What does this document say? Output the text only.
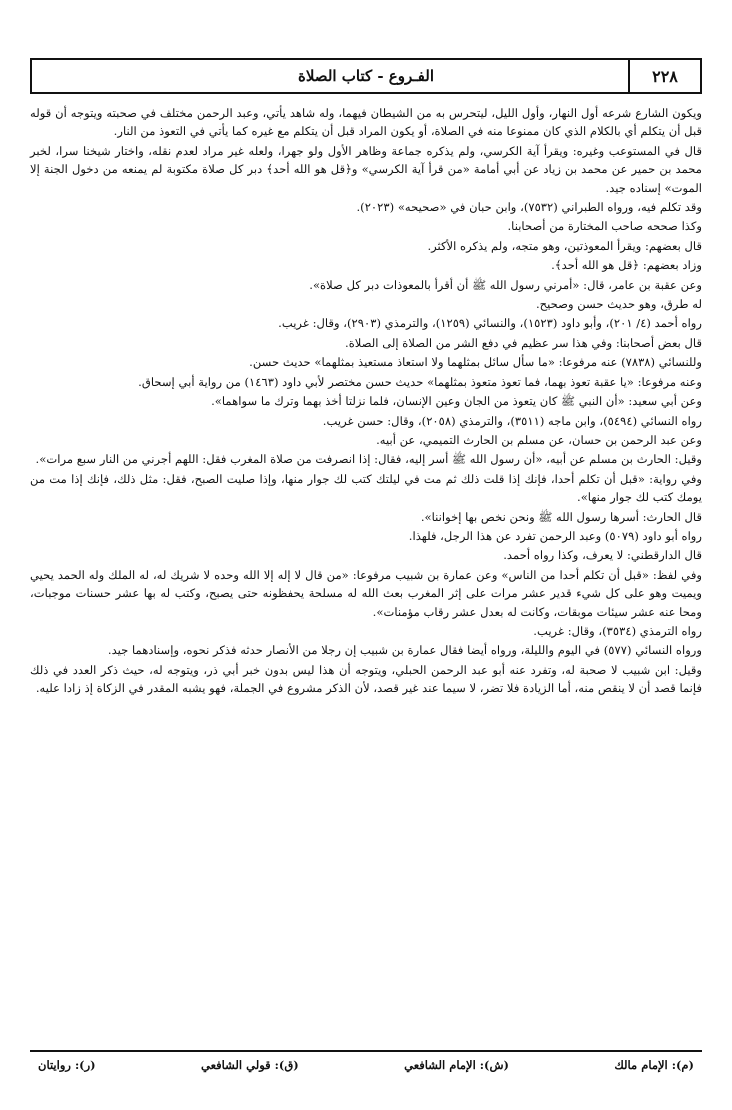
٢٢٨
الفـروع - كتاب الصلاة

ويكون الشارع شرعه أول النهار، وأول الليل، ليتحرس به من الشيطان فيهما، وله شاهد يأتي، وعبد الرحمن مختلف في صحبته ويتوجه أن قوله قبل أن يتكلم أي بالكلام الذي كان ممنوعا منه في الصلاة، أو يكون المراد قبل أن يتكلم مع غيره كما يأتي في التعوذ من النار.

قال في المستوعب وغيره: ويقرأ آية الكرسي، ولم يذكره جماعة وظاهر الأول ولو جهرا، ولعله غير مراد لعدم نقله، واختار شيخنا سرا، لخبر محمد بن حمير عن محمد بن زياد عن أبي أمامة «من قرأ آية الكرسي» و﴿قل هو الله أحد﴾ دبر كل صلاة مكتوبة لم يمنعه من دخول الجنة إلا الموت» إسناده جيد.

وقد تكلم فيه، ورواه الطبراني (٧٥٣٢)، وابن حبان في «صحيحه» (٢٠٢٣).

وكذا صححه صاحب المختارة من أصحابنا.

قال بعضهم: ويقرأ المعوذتين، وهو متجه، ولم يذكره الأكثر.

وزاد بعضهم: ﴿قل هو الله أحد﴾.

وعن عقبة بن عامر، قال: «أمرني رسول الله ﷺ أن أقرأ بالمعوذات دبر كل صلاة».

له طرق، وهو حديث حسن وصحيح.

رواه أحمد (٤/ ٢٠١)، وأبو داود (١٥٢٣)، والنسائي (١٢٥٩)، والترمذي (٢٩٠٣)، وقال: غريب.

قال بعض أصحابنا: وفي هذا سر عظيم في دفع الشر من الصلاة إلى الصلاة.

وللنسائي (٧٨٣٨) عنه مرفوعا: «ما سأل سائل بمثلهما ولا استعاذ مستعيذ بمثلهما» حديث حسن.

وعنه مرفوعا: «يا عقبة تعوذ بهما، فما تعوذ متعوذ بمثلهما» حديث حسن مختصر لأبي داود (١٤٦٣) من رواية أبي إسحاق.

وعن أبي سعيد: «أن النبي ﷺ كان يتعوذ من الجان وعين الإنسان، فلما نزلتا أخذ بهما وترك ما سواهما».

رواه النسائي (٥٤٩٤)، وابن ماجه (٣٥١١)، والترمذي (٢٠٥٨)، وقال: حسن غريب.

وعن عبد الرحمن بن حسان، عن مسلم بن الحارث التميمي، عن أبيه.

وقيل: الحارث بن مسلم عن أبيه، «أن رسول الله ﷺ أسر إليه، فقال: إذا انصرفت من صلاة المغرب فقل: اللهم أجرني من النار سبع مرات».

وفي رواية: «قبل أن تكلم أحدا، فإنك إذا قلت ذلك ثم مت في ليلتك كتب لك جوار منها، وإذا صليت الصبح، فقل: مثل ذلك، فإنك إذا مت من يومك كتب لك جوار منها».

قال الحارث: أسرها رسول الله ﷺ ونحن نخص بها إخواننا».

رواه أبو داود (٥٠٧٩) وعبد الرحمن تفرد عن هذا الرجل، فلهذا.

قال الدارقطني: لا يعرف، وكذا رواه أحمد.

وفي لفظ: «قبل أن تكلم أحدا من الناس» وعن عمارة بن شبيب مرفوعا: «من قال لا إله إلا الله وحده لا شريك له، له الملك وله الحمد يحيي ويميت وهو على كل شيء قدير عشر مرات على إثر المغرب بعث الله له مسلحة يحفظونه حتى يصبح، وكتب له بها عشر حسنات موجبات، ومحا عنه عشر سيئات موبقات، وكانت له بعدل عشر رقاب مؤمنات».

رواه الترمذي (٣٥٣٤)، وقال: غريب.

ورواه النسائي (٥٧٧) في اليوم والليلة، ورواه أيضا فقال عمارة بن شبيب إن رجلا من الأنصار حدثه فذكر نحوه، وإسنادهما جيد.

وقيل: ابن شبيب لا صحبة له، وتفرد عنه أبو عبد الرحمن الحبلي، ويتوجه أن هذا ليس بدون خبر أبي ذر، ويتوجه له، حيث ذكر العدد في ذلك فإنما قصد أن لا ينقص منه، أما الزيادة فلا تضر، لا سيما عند غير قصد، لأن الذكر مشروع في الجملة، فهو يشبه المقدر في الزكاة إذ زادا عليه.

(م): الإمام مالك
(ش): الإمام الشافعي
(ق): قولي الشافعي
(ر): روايتان
